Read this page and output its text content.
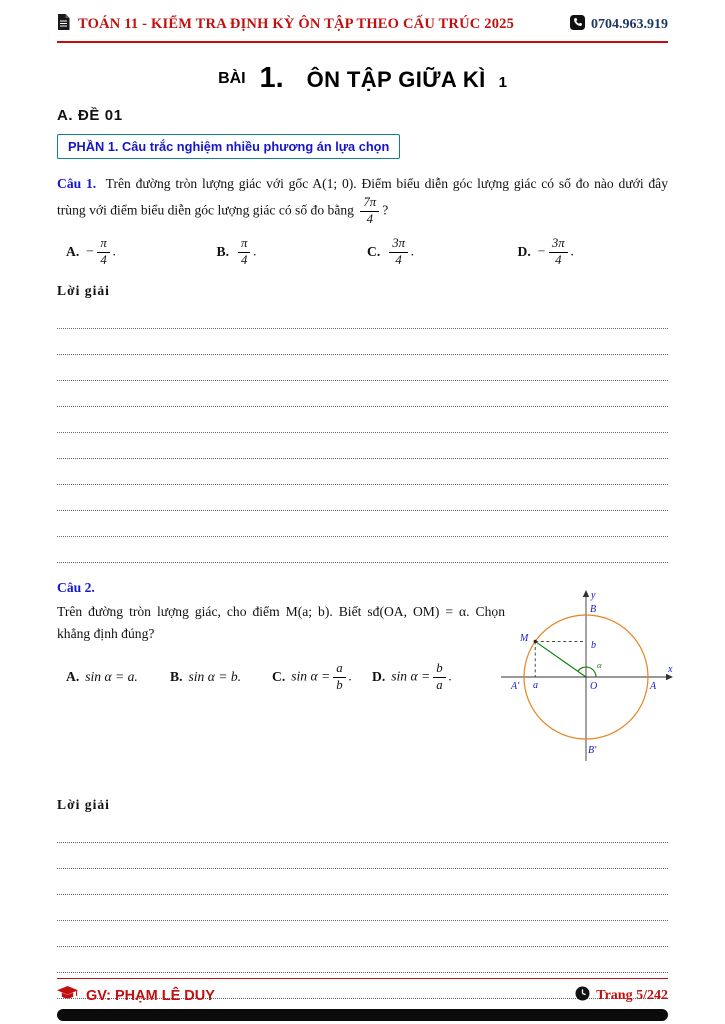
TOÁN 11 - KIỂM TRA ĐỊNH KỲ ÔN TẬP THEO CẤU TRÚC 2025	0704.963.919
BÀI 1. ÔN TẬP GIỮA KÌ 1
A. ĐỀ 01
PHẦN 1. Câu trắc nghiệm nhiều phương án lựa chọn

Câu 1. Trên đường tròn lượng giác với gốc A(1; 0). Điểm biểu diễn góc lượng giác có số đo nào dưới đây trùng với điểm biểu diễn góc lượng giác có số đo bằng $\frac{7\pi}{4}$ ?

A. − $\frac{\pi}{4}$ .	B. $\frac{\pi}{4}$ .	C. $\frac{3\pi}{4}$ .	D. − $\frac{3\pi}{4}$ .

Lời giải

Câu 2.

Trên đường tròn lượng giác, cho điểm M(a; b). Biết sđ(OA, OM) = α. Chọn khẳng định đúng?

A. sin α = a. B. sin α = b. C. $\sin \alpha = \frac{a}{b}$ . D. $\sin \alpha = \frac{b}{a}$ .
y
x
B
B′
A
A′	O
M
a
b
α

Lời giải

GV: PHẠM LÊ DUY	Trang 5/242
